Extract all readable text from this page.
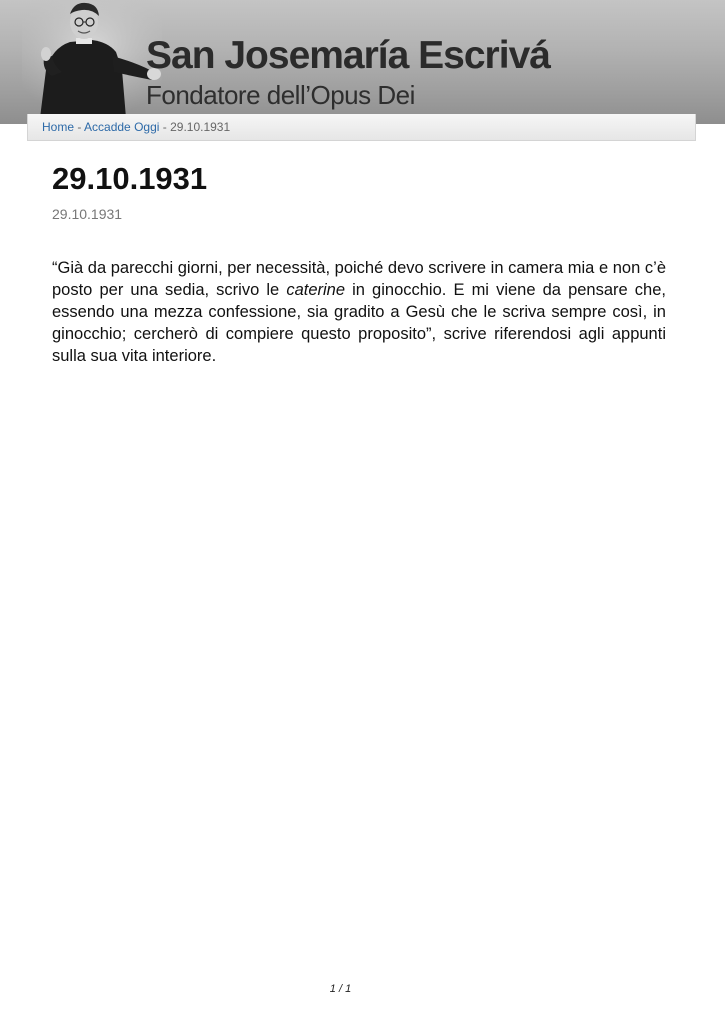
San Josemaría Escrivá
Fondatore dell’Opus Dei
Home - Accadde Oggi - 29.10.1931
29.10.1931
29.10.1931

“Già da parecchi giorni, per necessità, poiché devo scrivere in camera mia e non c’è posto per una sedia, scrivo le caterine in ginocchio. E mi viene da pensare che, essendo una mezza confessione, sia gradito a Gesù che le scriva sempre così, in ginocchio; cercherò di compiere questo proposito”, scrive riferendosi agli appunti sulla sua vita interiore.

1 / 1
